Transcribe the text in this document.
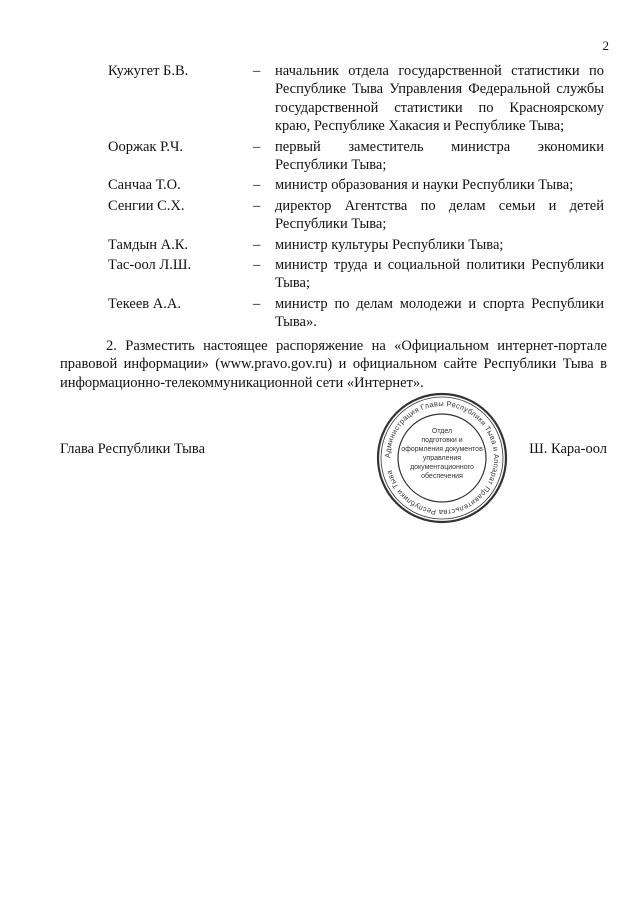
2
Кужугет Б.В.	–	начальник отдела государственной статистики по Республике Тыва Управления Федеральной службы государственной статистики по Красноярскому краю, Республике Хакасия и Республике Тыва;
Ооржак Р.Ч.	–	первый заместитель министра экономики Республики Тыва;
Санчаа Т.О.	–	министр образования и науки Республики Тыва;
Сенгии С.Х.	–	директор Агентства по делам семьи и детей Республики Тыва;
Тамдын А.К.	–	министр культуры Республики Тыва;
Тас-оол Л.Ш.	–	министр труда и социальной политики Республики Тыва;
Текеев А.А.	–	министр по делам молодежи и спорта Республики Тыва».

2. Разместить настоящее распоряжение на «Официальном интернет-портале правовой информации» (www.pravo.gov.ru) и официальном сайте Республики Тыва в информационно-телекоммуникационной сети «Интернет».

Глава Республики Тыва	Администрация Главы Республики Тыва и Аппарат Правительства Республики Тыва
Отдел
подготовки и
оформления документов
управления
документационного
обеспечения
Ш. Кара-оол
